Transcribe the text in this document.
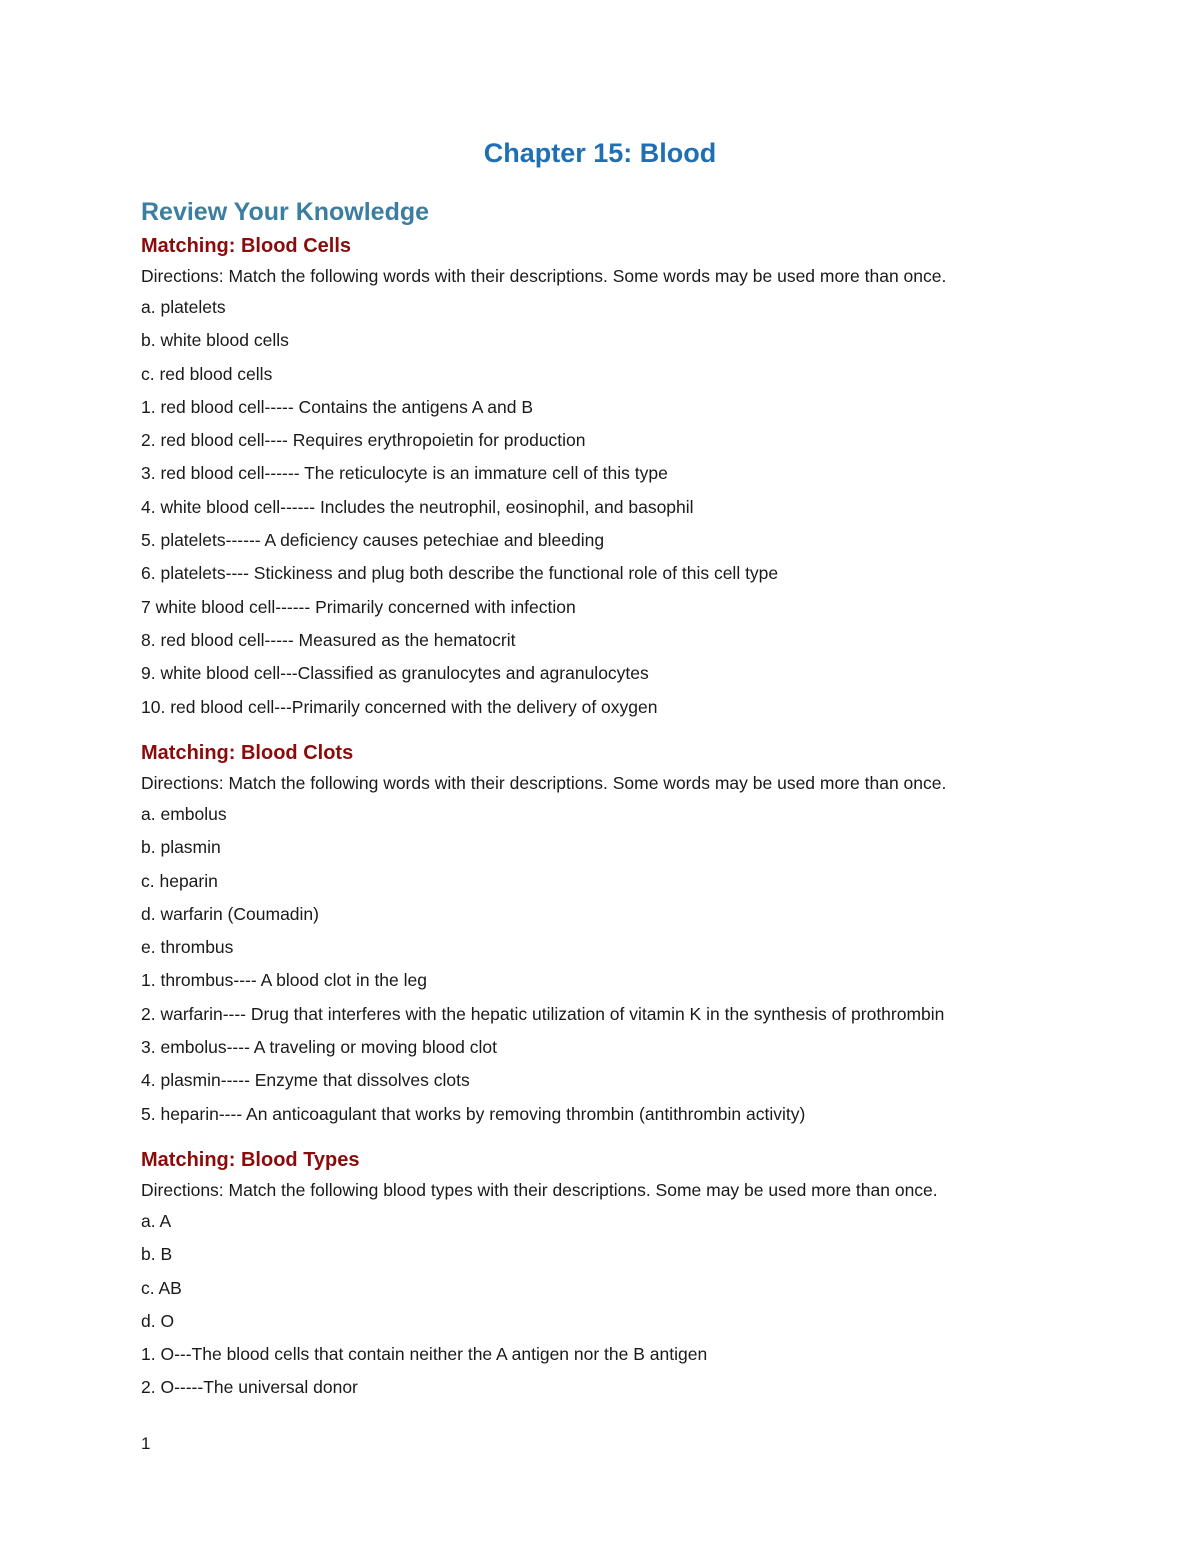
Chapter 15: Blood
Review Your Knowledge
Matching: Blood Cells

Directions: Match the following words with their descriptions. Some words may be used more than once.

a. platelets

b. white blood cells

c. red blood cells

1. red blood cell----- Contains the antigens A and B

2. red blood cell---- Requires erythropoietin for production

3. red blood cell------ The reticulocyte is an immature cell of this type

4. white blood cell------ Includes the neutrophil, eosinophil, and basophil

5. platelets------ A deficiency causes petechiae and bleeding

6. platelets---- Stickiness and plug both describe the functional role of this cell type

7 white blood cell------ Primarily concerned with infection

8. red blood cell----- Measured as the hematocrit

9. white blood cell---Classified as granulocytes and agranulocytes

10. red blood cell---Primarily concerned with the delivery of oxygen

Matching: Blood Clots

Directions: Match the following words with their descriptions. Some words may be used more than once.

a. embolus

b. plasmin

c. heparin

d. warfarin (Coumadin)

e. thrombus

1. thrombus---- A blood clot in the leg

2. warfarin---- Drug that interferes with the hepatic utilization of vitamin K in the synthesis of prothrombin

3. embolus---- A traveling or moving blood clot

4. plasmin----- Enzyme that dissolves clots

5. heparin---- An anticoagulant that works by removing thrombin (antithrombin activity)

Matching: Blood Types

Directions: Match the following blood types with their descriptions. Some may be used more than once.

a. A

b. B

c. AB

d. O

1. O---The blood cells that contain neither the A antigen nor the B antigen

2. O-----The universal donor

1
